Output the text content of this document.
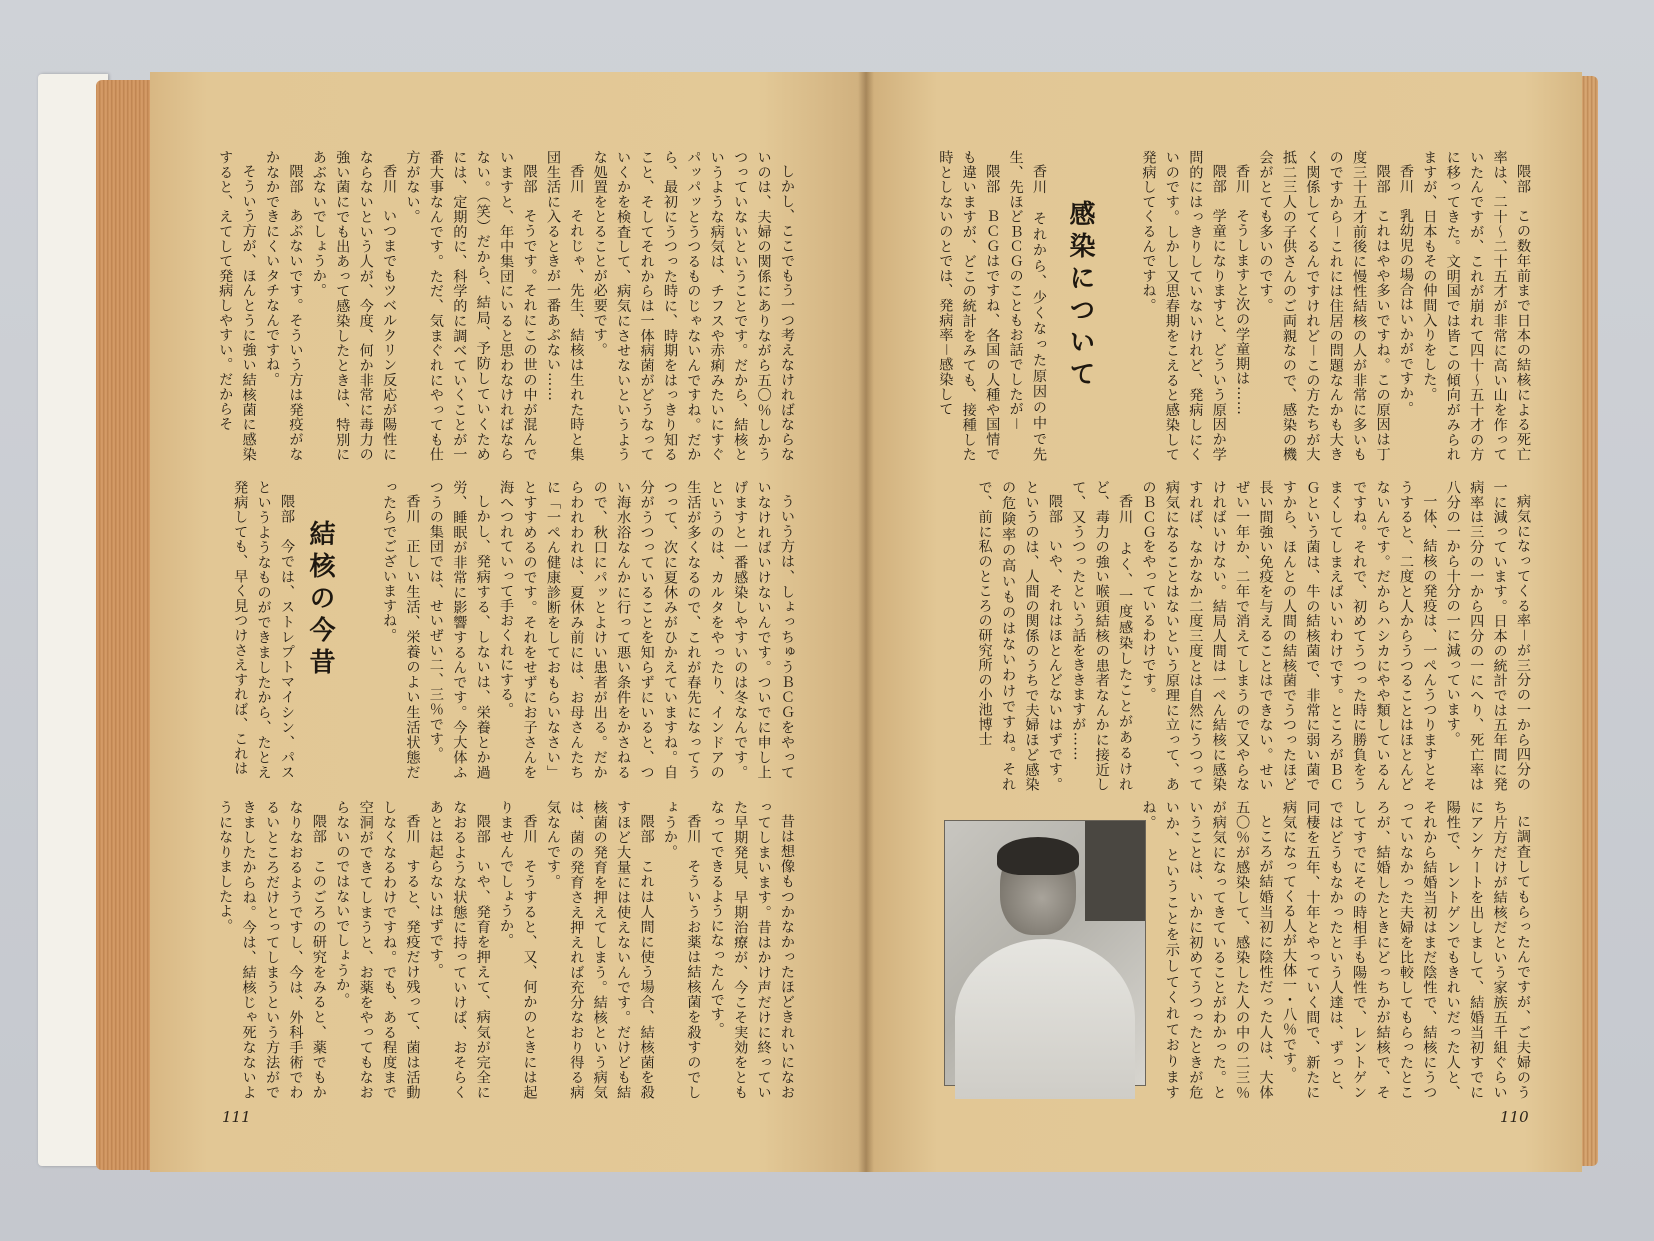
しかし、ここでもう一つ考えなければならないのは、夫婦の関係にありながら五〇％しかうつっていないということです。だから、結核というような病気は、チフスや赤痢みたいにすぐパッパッとうつるものじゃないんですね。だから、最初にうつった時に、時期をはっきり知ること、そしてそれからは一体病菌がどうなっていくかを検査して、病気にさせないというような処置をとることが必要です。
香川　それじゃ、先生、結核は生れた時と集団生活に入るときが一番あぶない……
隈部　そうです。それにこの世の中が混んでいますと、年中集団にいると思わなければならない。（笑）だから、結局、予防していくためには、定期的に、科学的に調べていくことが一番大事なんです。ただ、気まぐれにやっても仕方がない。
香川　いつまでもツベルクリン反応が陽性にならないという人が、今度、何か非常に毒力の強い菌にでも出あって感染したときは、特別にあぶないでしょうか。
隈部　あぶないです。そういう方は発疫がなかなかできにくいタチなんですね。
そういう方が、ほんとうに強い結核菌に感染すると、えてして発病しやすい。だからそ
ういう方は、しょっちゅうＢＣＧをやっていなければいけないんです。ついでに申し上げますと一番感染しやすいのは冬なんです。というのは、カルタをやったり、インドアの生活が多くなるので、これが春先になってうつって、次に夏休みがひかえていますね。自分がうつっていることを知らずにいると、つい海水浴なんかに行って悪い条件をかさねるので、秋口にパッとよけい患者が出る。だからわれわれは、夏休み前には、お母さんたちに「一ぺん健康診断をしておもらいなさい」とすすめるのです。それをせずにお子さんを海へつれていって手おくれにする。
しかし、発病する、しないは、栄養とか過労、睡眠が非常に影響するんです。今大体ふつうの集団では、せいぜい二、三％です。
香川　正しい生活、栄養のよい生活状態だったらでございますね。
結核の今昔
隈部　今では、ストレプトマイシン、パスというようなものができましたから、たとえ発病しても、早く見つけさえすれば、これは
昔は想像もつかなかったほどきれいになおってしまいます。昔はかけ声だけに終っていた早期発見、早期治療が、今こそ実効をともなってできるようになったんです。
香川　そういうお薬は結核菌を殺すのでしょうか。
隈部　これは人間に使う場合、結核菌を殺すほど大量には使えないんです。だけども結核菌の発育を押えてしまう。結核という病気は、菌の発育さえ押えれば充分なおり得る病気なんです。
香川　そうすると、又、何かのときには起りませんでしょうか。
隈部　いや、発育を押えて、病気が完全になおるような状態に持っていけば、おそらくあとは起らないはずです。
香川　すると、発疫だけ残って、菌は活動しなくなるわけですね。でも、ある程度まで空洞ができてしまうと、お薬をやってもなおらないのではないでしょうか。
隈部　このごろの研究をみると、薬でもかなりなおるようですし、今は、外科手術でわるいところだけとってしまうという方法ができましたからね。今は、結核じゃ死なないようになりましたよ。
111
隈部　この数年前まで日本の結核による死亡率は、二十～二十五才が非常に高い山を作っていたんですが、これが崩れて四十～五十才の方に移ってきた。文明国では皆この傾向がみられますが、日本もその仲間入りをした。
香川　乳幼児の場合はいかがですか。
隈部　これはやや多いですね。この原因は丁度三十五才前後に慢性結核の人が非常に多いものですから－これには住居の問題なんかも大きく関係してくるんですけれど－この方たちが大抵二三人の子供さんのご両親なので、感染の機会がとても多いのです。
香川　そうしますと次の学童期は……
隈部　学童になりますと、どういう原因か学問的にはっきりしていないけれど、発病しにくいのです。しかし又思春期をこえると感染して発病してくるんですね。
感染について
香川　それから、少くなった原因の中で先生、先ほどＢＣＧのこともお話でしたが－
隈部　ＢＣＧはですね、各国の人種や国情でも違いますが、どこの統計をみても、接種した時としないのとでは、発病率－感染して
病気になってくる率－が三分の一から四分の一に減っています。日本の統計では五年間に発病率は三分の一から四分の一にへり、死亡率は八分の一から十分の一に減っています。
一体、結核の発疫は、一ぺんうつりますとそうすると、二度と人からうつることはほとんどないんです。だからハシカにやや類しているんですね。それで、初めてうつった時に勝負をうまくしてしまえばいいわけです。ところがＢＣＧという菌は、牛の結核菌で、非常に弱い菌ですから、ほんとの人間の結核菌でうつったほど長い間強い免疫を与えることはできない。せいぜい一年か、二年で消えてしまうので又やらなければいけない。結局人間は一ぺん結核に感染すれば、なかなか二度三度とは自然にうつって病気になることはないという原理に立って、あのＢＣＧをやっているわけです。
香川　よく、一度感染したことがあるけれど、毒力の強い喉頭結核の患者なんかに接近して、又うつったという話をききますが……
隈部　いや、それはほとんどないはずです。というのは、人間の関係のうちで夫婦ほど感染の危険率の高いものはないわけですね。それで、前に私のところの研究所の小池博士
に調査してもらったんですが、ご夫婦のうち片方だけが結核だという家族五千組ぐらいにアンケートを出しまして、結婚当初すでに陽性で、レントゲンでもきれいだった人と、それから結婚当初はまだ陰性で、結核にうつっていなかった夫婦を比較してもらったところが、結婚したときにどっちかが結核で、そしてすでにその時相手も陽性で、レントゲンではどうもなかったという人達は、ずっと、同棲を五年、十年とやっていく間で、新たに病気になってくる人が大体一・八％です。
ところが結婚当初に陰性だった人は、大体五〇％が感染して、感染した人の中の二三％が病気になってきていることがわかった。ということは、いかに初めてうつったときが危いか、ということを示してくれておりますね。
110
